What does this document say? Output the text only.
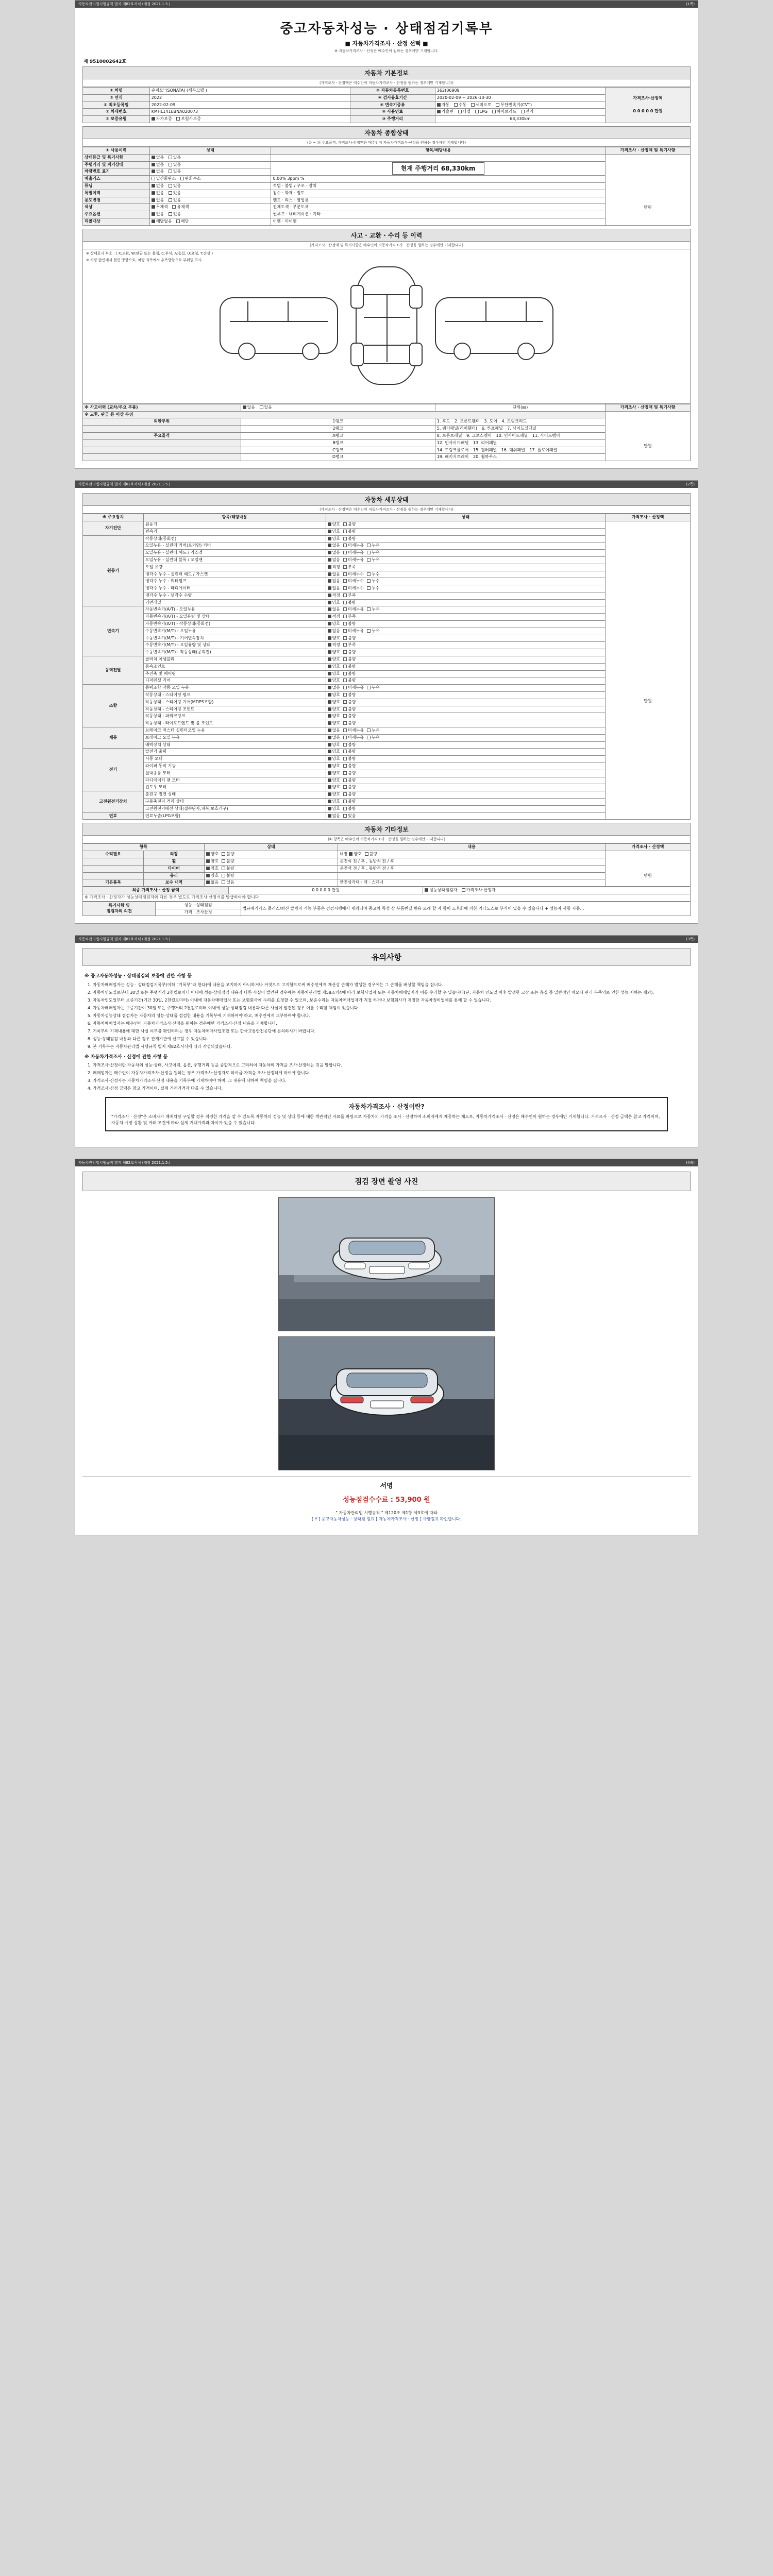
자동차관리법시행규칙 별지 제82호서식 (개정 2021.1.5.)	(1쪽)
중고자동차성능 · 상태점검기록부
■ 자동차가격조사 · 산정 선택 ■
※ 자동차가격조사ㆍ산정은 매수인이 원하는 경우에만 기재합니다.
제 9510002642호
자동차 기본정보
(가격조사ㆍ산정액은 매수인이 자동차가격조사ㆍ산정을 원하는 경우에만 기재합니다)
① 차명	슈퍼모''(SONATA) (세부모델 )	② 자동차등록번호	362(06909	가격조사·산정액
0 0 0 0 0 만원

③ 연식	2022	④ 검사유효기간	2020-02-09 ~ 2026-10-30	
⑤ 최초등록일	2022-02-09	⑥ 변속기종류	자동 수동 세미오토 무단변속기(CVT)	
⑦ 차대번호	KMHL141EBNA020073	⑧ 사용연료	가솔린 디젤 LPG 하이브리드 전기	
⑨ 보증유형	자가보증 보험사보증	⑩ 주행거리	68,330km	
자동차 종합상태
(① ~ ⑮ 주요골격, 가격조사·산정액은 매수인이 자동차가격조사·산정을 원하는 경우에만 기재합니다)
① 사용이력	상태	항목/해당내용	가격조사 · 산정액 및 특기사항
상태등급 및 특기사항	없음 있음		만원

주행거리 및 계기상태	없음 있음	현재 주행거리 68,330km	
차량번호 표기	없음 있음		
배출가스	일산화탄소 탄화수소	0.00% 3ppm %	
튜닝	없음 있음	적법 · 불법 / 구조 · 장치	
특별이력	없음 있음	침수 · 화재 · 절도	
용도변경	없음 있음	렌트 · 리스 · 영업용	
색상	무채색 유채색	전체도색 · 부분도색	
주요옵션	없음 있음	썬루프 · 내비게이션 · 기타	
리콜대상	해당없음 해당	이행 · 미이행	
사고 · 교환 · 수리 등 이력
(가격조사 · 산정액 및 특기사항은 매수인이 자동차가격조사 · 산정을 원하는 경우에만 기재합니다)
※ 상태표시 부호 : ( X:교환, W:판금 또는 용접, C:부식, A:흠집, U:요철, T:손상 )
※ 차량 앞면에서 뒷면 방향으로, 차량 좌측에서 우측방향으로 부위별 표시
※ 사고이력 (교차/주요 부품)	없음 있음	단위(㎜)	가격조사 · 산정액 및 특기사항
※ 교환, 판금 등 이상 부위			만원

외판부위	1랭크	1. 후드 2. 프론트휀더 3. 도어 4. 트렁크리드	
	2랭크	5. 쿼터패널(리어휀더) 6. 루프패널 7. 사이드실패널	
주요골격	A랭크	8. 프론트패널 9. 크로스멤버 10. 인사이드패널 11. 사이드멤버	
	B랭크	12. 인사이드패널 13. 리어패널	
	C랭크	14. 트렁크플로어 15. 필러패널 16. 대쉬패널 17. 플로어패널	
	D랭크	19. 패키지트레이 20. 휠하우스	
자동차관리법시행규칙 별지 제82호서식 (개정 2021.1.5.)	(2쪽)
자동차 세부상태
(가격조사 · 산정액은 매수인이 자동차가격조사 · 산정을 원하는 경우에만 기재합니다)
※ 주요장치	항목/해당내용	상태	가격조사 · 산정액
자기진단	원동기	양호 불량	만원

	변속기	양호 불량	
원동기	작동상태(공회전)	양호 불량	
	오일누유 - 실린더 커버(로커암) 커버	없음 미세누유 누유	
	오일누유 - 실린더 헤드 / 가스켓	없음 미세누유 누유	
	오일누유 - 실린더 블록 / 오일팬	없음 미세누유 누유	
	오일 유량	적정 부족	
	냉각수 누수 - 실린더 헤드 / 가스켓	없음 미세누수 누수	
	냉각수 누수 - 워터펌프	없음 미세누수 누수	
	냉각수 누수 - 라디에이터	없음 미세누수 누수	
	냉각수 누수 - 냉각수 수량	적정 부족	
	커먼레일	양호 불량	
변속기	자동변속기(A/T) - 오일누유	없음 미세누유 누유	
	자동변속기(A/T) - 오일유량 및 상태	적정 부족	
	자동변속기(A/T) - 작동상태(공회전)	양호 불량	
	수동변속기(M/T) - 오일누유	없음 미세누유 누유	
	수동변속기(M/T) - 기어변속장치	양호 불량	
	수동변속기(M/T) - 오일유량 및 상태	적정 부족	
	수동변속기(M/T) - 작동상태(공회전)	양호 불량	
동력전달	클러치 어셈블리	양호 불량	
	등속조인트	양호 불량	
	추진축 및 베어링	양호 불량	
	디퍼렌셜 기어	양호 불량	
조향	동력조향 작동 오일 누유	없음 미세누유 누유	
	작동상태 - 스티어링 펌프	양호 불량	
	작동상태 - 스티어링 기어(MDPS포함)	양호 불량	
	작동상태 - 스티어링 조인트	양호 불량	
	작동상태 - 파워크링크	양호 불량	
	작동상태 - 타이로드엔드 및 볼 조인트	양호 불량	
제동	브레이크 마스터 실린더오일 누유	없음 미세누유 누유	
	브레이크 오일 누유	없음 미세누유 누유	
	배력장치 상태	양호 불량	
전기	발전기 출력	양호 불량	
	시동 모터	양호 불량	
	와이퍼 동작 기능	양호 불량	
	실내송풍 모터	양호 불량	
	라디에이터 팬 모터	양호 불량	
	윈도우 모터	양호 불량	
고전원전기장치	충전구 절연 상태	양호 불량	
	구동축전지 격리 상태	양호 불량	
	고전원전기배선 상태(접속단자,피복,보호기구)	양호 불량	
연료	연료누출(LPG포함)	없음 있음	
자동차 기타정보
(① 항목은 매수인이 자동차가격조사 · 산정을 원하는 경우에만 기재합니다)
항목		상태	내용	가격조사 · 산정액
수리필요	외장	양호 불량	내장 양호 불량	만원

	휠	양호 불량	운전석 전 / 후 , 동반석 전 / 후	
	타이어	양호 불량	운전석 전 / 후 , 동반석 전 / 후	
	유리	양호 불량		
기본품목	보수 내역	없음 있음	안전삼각대 · 잭 · 스패너	
최종 가격조사 · 산정 금액	0 0 0 0 0 만원	성능상태점검자 가격조사·산정자
※ 가격조사 · 산정자가 성능상태점검자와 다른 경우 별도로 가격조사·산정서를 발급하여야 합니다
특기사항 및
점검자의 의견	성능 · 상태점검	법규배기가스 플러스/최신 발병지 기능 부품은 검검시행에서 제외되며 중고차 특성 상 부품변질 원유 오래 할 자 함이 노후화에 의한 기타노스로 부식이 있을 수 있습니다 + 성능자 사항 자동...
가격 · 조사산정
자동차관리법시행규칙 별지 제82호서식 (개정 2021.1.5.)	(3쪽)
유의사항
※ 중고자동차성능 · 상태점검의 보증에 관한 사항 등
1. 자동차매매업자는 성능 · 상태점검기록부(이하 "기록부"라 한다)에 내용을 고지하지 아니하거나 거짓으로 고지함으로써 매수인에게 재산상 손해가 발생한 경우에는 그 손해를 배상할 책임을 집니다.
2. 자동차인도일로부터 30일 또는 주행거리 2천킬로미터 이내에 성능·상태점검 내용과 다른 사실이 발견된 경우에는 자동차관리법 제58조의4에 따라 보험사업자 또는 자동차매매업자가 이를 수리할 수 있습니다(단, 자동차 인도일 이후 발생한 고장 또는 흠집 등 일반적인 마모나 관리 부주의로 인한 성능 저하는 제외).
3. 자동차인도일부터 보증기간(기간 30일, 2천킬로미터) 이내에 자동차매매업자 또는 보험회사에 수리를 요청할 수 있으며, 보증수리는 자동차매매업자가 직접 하거나 보험회사가 지정한 자동차정비업체를 통해 할 수 있습니다.
4. 자동차매매업자는 보증기간이 30일 또는 주행거리 2천킬로미터 이내에 성능·상태점검 내용과 다른 사실이 발견된 경우 이를 수리할 책임이 있습니다.
5. 자동차성능상태 점검자는 자동차의 성능·상태를 점검한 내용을 기록부에 기재하여야 하고, 매수인에게 교부하여야 합니다.
6. 자동차매매업자는 매수인이 자동차가격조사·산정을 원하는 경우에만 가격조사·산정 내용을 기재합니다.
7. 기록부의 기재내용에 대한 사실 여부를 확인하려는 경우 자동차매매사업조합 또는 한국교통안전공단에 문의하시기 바랍니다.
8. 성능·상태점검 내용과 다른 경우 관계기관에 신고할 수 있습니다.
9. 본 기록부는 자동차관리법 시행규칙 별지 제82호서식에 따라 작성되었습니다.
※ 자동차가격조사 · 산정에 관한 사항 등
1. 가격조사·산정이란 자동차의 성능·상태, 사고이력, 옵션, 주행거리 등을 종합적으로 고려하여 자동차의 가격을 조사·산정하는 것을 말합니다.
2. 매매업자는 매수인이 자동차가격조사·산정을 원하는 경우 가격조사·산정자로 하여금 가격을 조사·산정하게 하여야 합니다.
3. 가격조사·산정자는 자동차가격조사·산정 내용을 기록부에 기재하여야 하며, 그 내용에 대하여 책임을 집니다.
4. 가격조사·산정 금액은 참고 가격이며, 실제 거래가격과 다를 수 있습니다.
자동차가격조사 · 산정이란?
"가격조사 · 산정"은 소비자가 매매차량 구입할 경우 적정한 가격을 알 수 있도록 자동차의 성능 및 상태 등에 대한 객관적인 자료를 바탕으로 자동차의 가격을 조사 · 산정하여 소비자에게 제공하는 제도로, 자동차가격조사 · 산정은 매수인이 원하는 경우에만 기재합니다. 가격조사 · 산정 금액은 참고 가격이며, 자동차 시장 상황 및 거래 조건에 따라 실제 거래가격과 차이가 있을 수 있습니다.
자동차관리법시행규칙 별지 제82호서식 (개정 2021.1.5.)	(4쪽)
점검 장면 촬영 사진
서명
성능점검수수료 : 53,900 원
" 자동차관리법 시행규칙 " 제120조 제1항 제3호에 따라
[ Y ] 중고자동차성능 · 상태점 검표 [ 자동차가격조사 · 산정 ] 사항검표 확인합니다.
